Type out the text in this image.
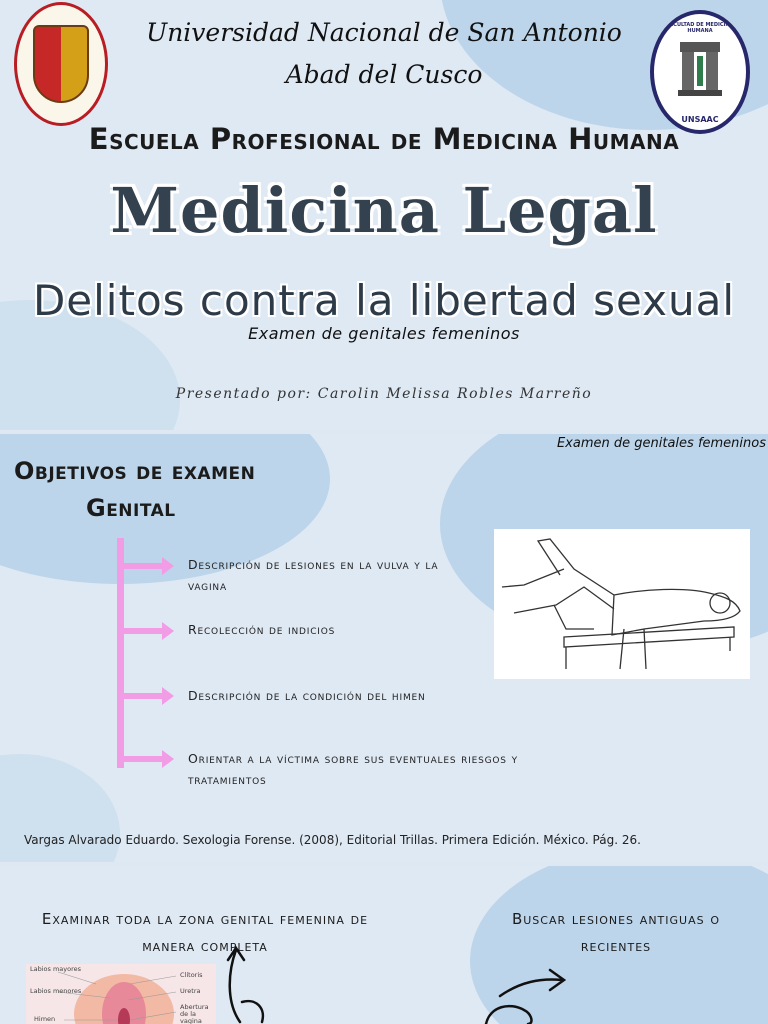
FACULTAD DE MEDICINA HUMANA
UNSAAC
Universidad Nacional de San Antonio
Abad del Cusco
Escuela Profesional de Medicina Humana
Medicina Legal
Delitos contra la libertad sexual
Examen de genitales femeninos
Presentado por: Carolin Melissa Robles Marreño
Examen de genitales femeninos
Objetivos de examen
Genital
Descripción de lesiones en la vulva y la vagina
Recolección de indicios
Descripción de la condición del himen
Orientar a la víctima sobre sus eventuales riesgos y tratamientos
Vargas Alvarado Eduardo. Sexologia Forense. (2008), Editorial Trillas. Primera Edición. México. Pág. 26.
Examinar toda la zona genital femenina de manera completa
Buscar lesiones antiguas o recientes
Labios mayores
Labios menores
Himen
Clítoris
Uretra
Abertura de la vagina
